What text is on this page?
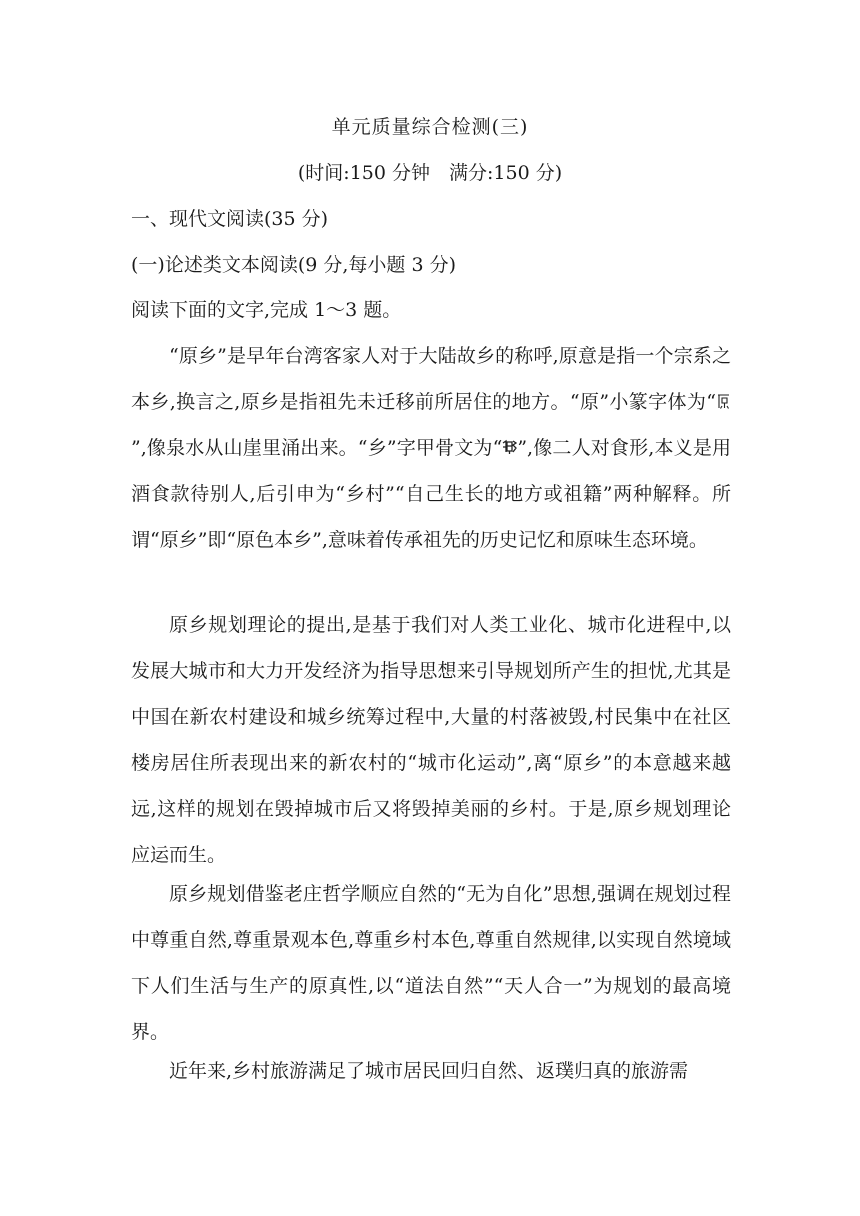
单元质量综合检测(三)

(时间:150 分钟　满分:150 分)

一、现代文阅读(35 分)

(一)论述类文本阅读(9 分,每小题 3 分)

阅读下面的文字,完成 1～3 题。

“原乡”是早年台湾客家人对于大陆故乡的称呼,原意是指一个宗系之本乡,换言之,原乡是指祖先未迁移前所居住的地方。“原”小篆字体为“
”,像泉水从山崖里涌出来。“乡”字甲骨文为“ ”,像二人对食形,本义是用酒食款待别人,后引申为“乡村”“自己生长的地方或祖籍”两种解释。所谓“原乡”即“原色本乡”,意味着传承祖先的历史记忆和原味生态环境。

原乡规划理论的提出,是基于我们对人类工业化、城市化进程中,以发展大城市和大力开发经济为指导思想来引导规划所产生的担忧,尤其是中国在新农村建设和城乡统筹过程中,大量的村落被毁,村民集中在社区楼房居住所表现出来的新农村的“城市化运动”,离“原乡”的本意越来越远,这样的规划在毁掉城市后又将毁掉美丽的乡村。于是,原乡规划理论应运而生。

原乡规划借鉴老庄哲学顺应自然的“无为自化”思想,强调在规划过程中尊重自然,尊重景观本色,尊重乡村本色,尊重自然规律,以实现自然境域下人们生活与生产的原真性,以“道法自然”“天人合一”为规划的最高境界。

近年来,乡村旅游满足了城市居民回归自然、返璞归真的旅游需
